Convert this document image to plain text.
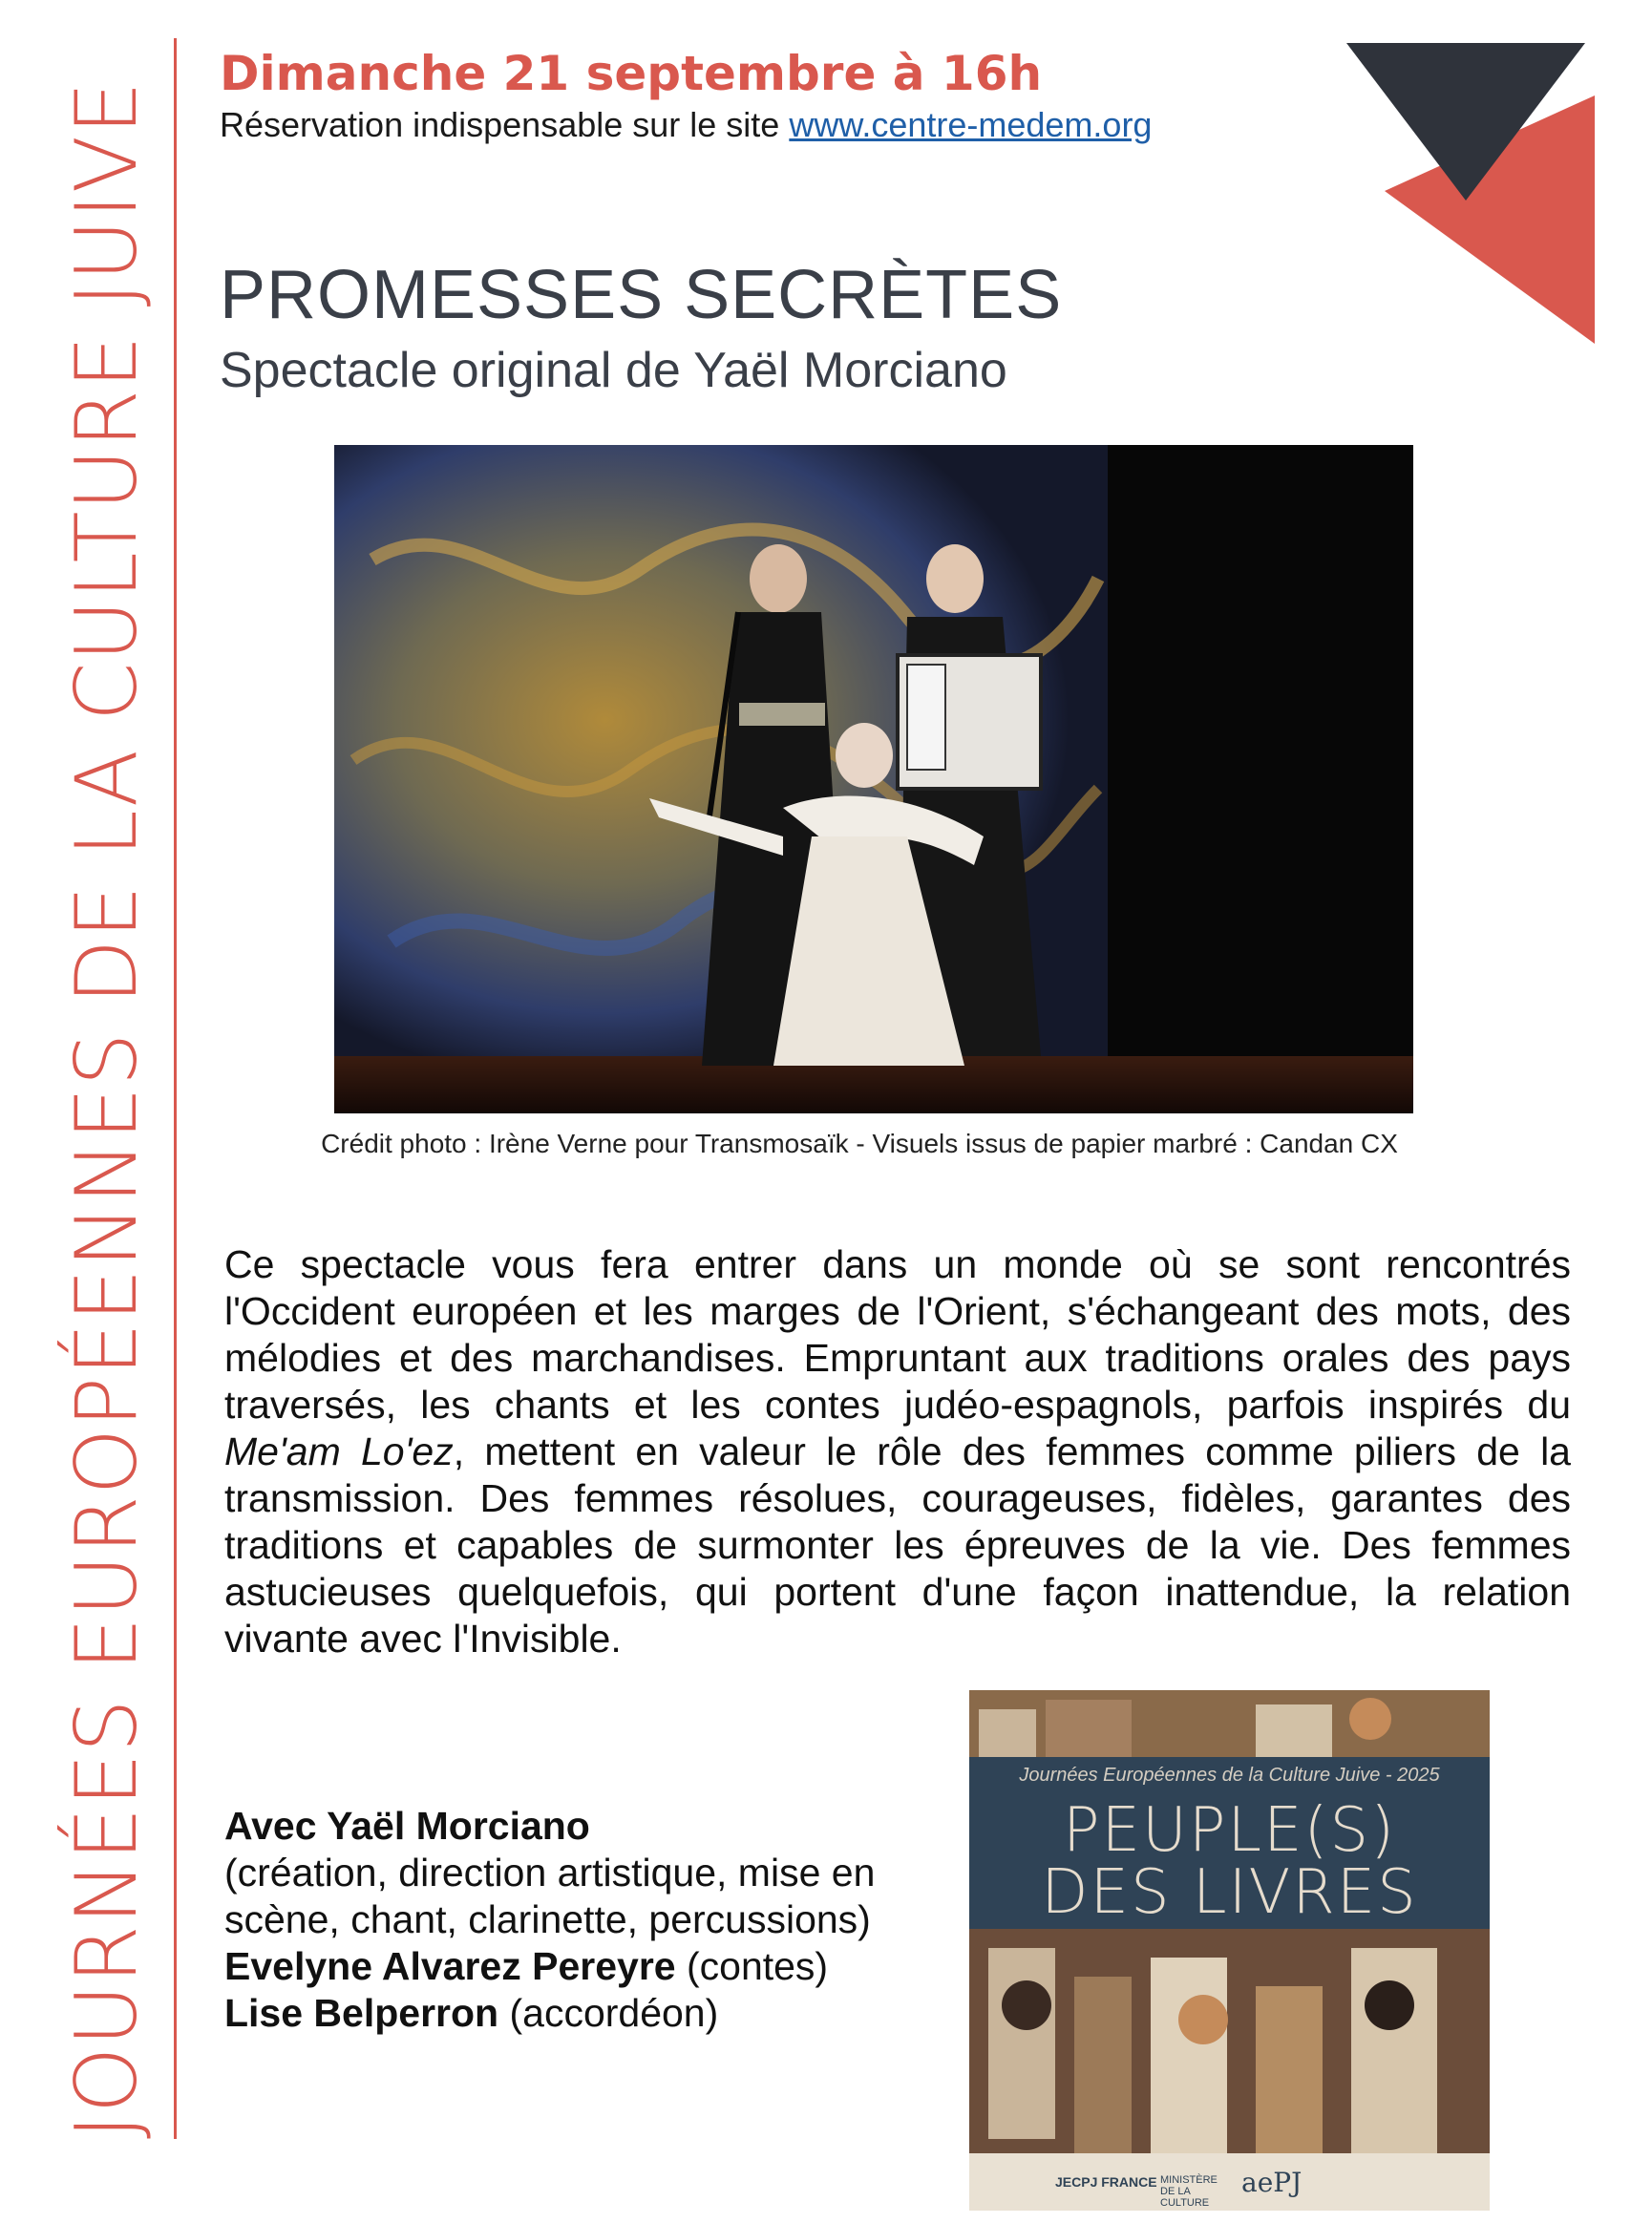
JOURNÉES EUROPÉENNES DE LA CULTURE JUIVE
Dimanche 21 septembre à 16h
Réservation indispensable sur le site www.centre-medem.org
PROMESSES SECRÈTES
Spectacle original de Yaël Morciano
Crédit photo : Irène Verne pour Transmosaïk - Visuels issus de papier marbré : Candan CX
Ce spectacle vous fera entrer dans un monde où se sont rencontrés l'Occident européen et les marges de l'Orient, s'échangeant des mots, des mélodies et des marchandises. Empruntant aux traditions orales des pays traversés, les chants et les contes judéo-espagnols, parfois inspirés du Me'am Lo'ez, mettent en valeur le rôle des femmes comme piliers de la transmission. Des femmes résolues, courageuses, fidèles, garantes des traditions et capables de surmonter les épreuves de la vie. Des femmes astucieuses quelquefois, qui portent d'une façon inattendue, la relation vivante avec l'Invisible.
Avec Yaël Morciano
(création, direction artistique, mise en scène, chant, clarinette, percussions)
Evelyne Alvarez Pereyre (contes)
Lise Belperron (accordéon)
Journées Européennes de la Culture Juive - 2025
PEUPLE(S)
DES LIVRES
JECPJ FRANCE MINISTÈRE DE LA CULTURE
aePJ
